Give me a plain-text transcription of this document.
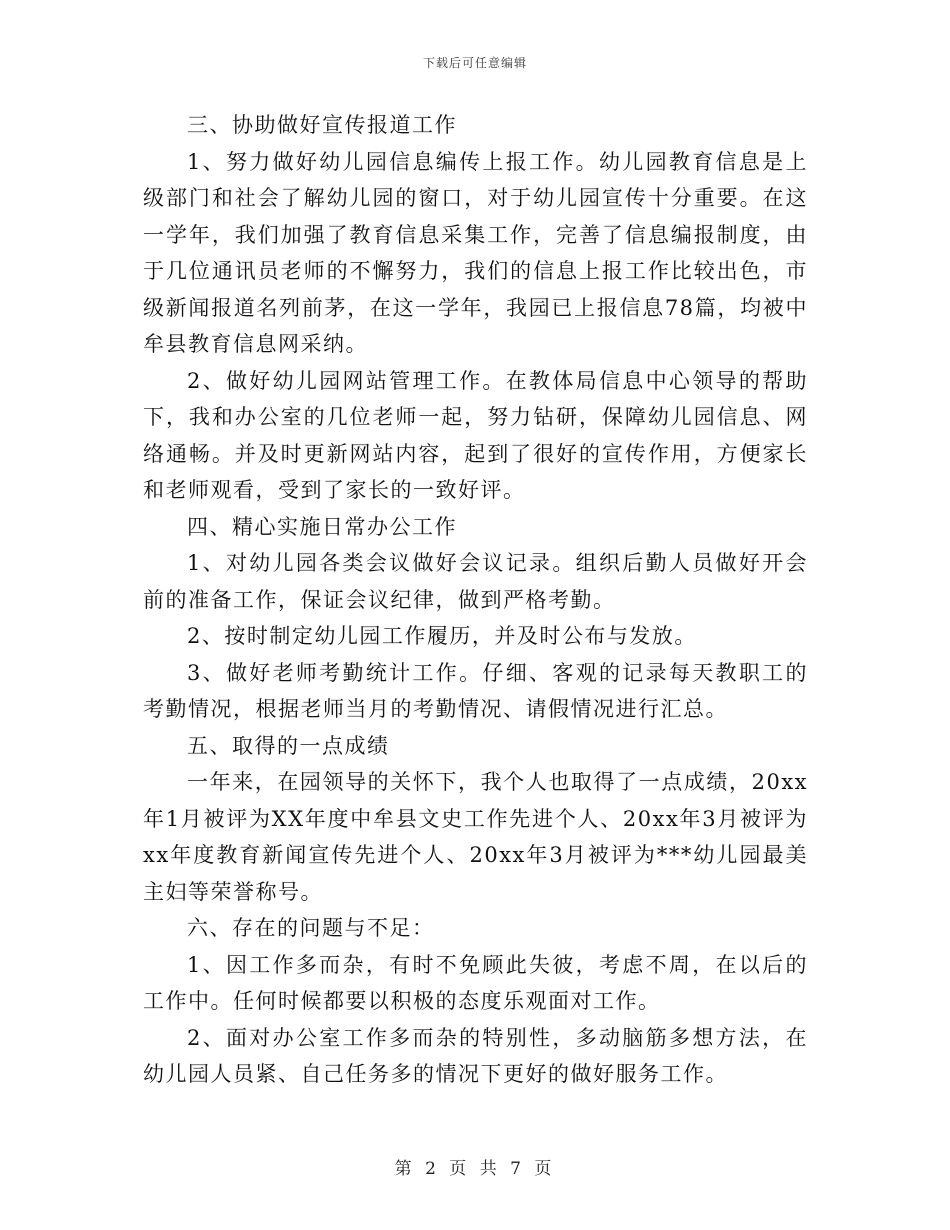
下载后可任意编辑

三、协助做好宣传报道工作

1、努力做好幼儿园信息编传上报工作。幼儿园教育信息是上级部门和社会了解幼儿园的窗口，对于幼儿园宣传十分重要。在这一学年，我们加强了教育信息采集工作，完善了信息编报制度，由于几位通讯员老师的不懈努力，我们的信息上报工作比较出色，市级新闻报道名列前茅，在这一学年，我园已上报信息78篇，均被中牟县教育信息网采纳。

2、做好幼儿园网站管理工作。在教体局信息中心领导的帮助下，我和办公室的几位老师一起，努力钻研，保障幼儿园信息、网络通畅。并及时更新网站内容，起到了很好的宣传作用，方便家长和老师观看，受到了家长的一致好评。

四、精心实施日常办公工作

1、对幼儿园各类会议做好会议记录。组织后勤人员做好开会前的准备工作，保证会议纪律，做到严格考勤。

2、按时制定幼儿园工作履历，并及时公布与发放。

3、做好老师考勤统计工作。仔细、客观的记录每天教职工的考勤情况，根据老师当月的考勤情况、请假情况进行汇总。

五、取得的一点成绩

一年来，在园领导的关怀下，我个人也取得了一点成绩，20xx年1月被评为XX年度中牟县文史工作先进个人、20xx年3月被评为xx年度教育新闻宣传先进个人、20xx年3月被评为***幼儿园最美主妇等荣誉称号。

六、存在的问题与不足：

1、因工作多而杂，有时不免顾此失彼，考虑不周，在以后的工作中。任何时候都要以积极的态度乐观面对工作。

2、面对办公室工作多而杂的特别性，多动脑筋多想方法，在幼儿园人员紧、自己任务多的情况下更好的做好服务工作。

第 2 页 共 7 页
